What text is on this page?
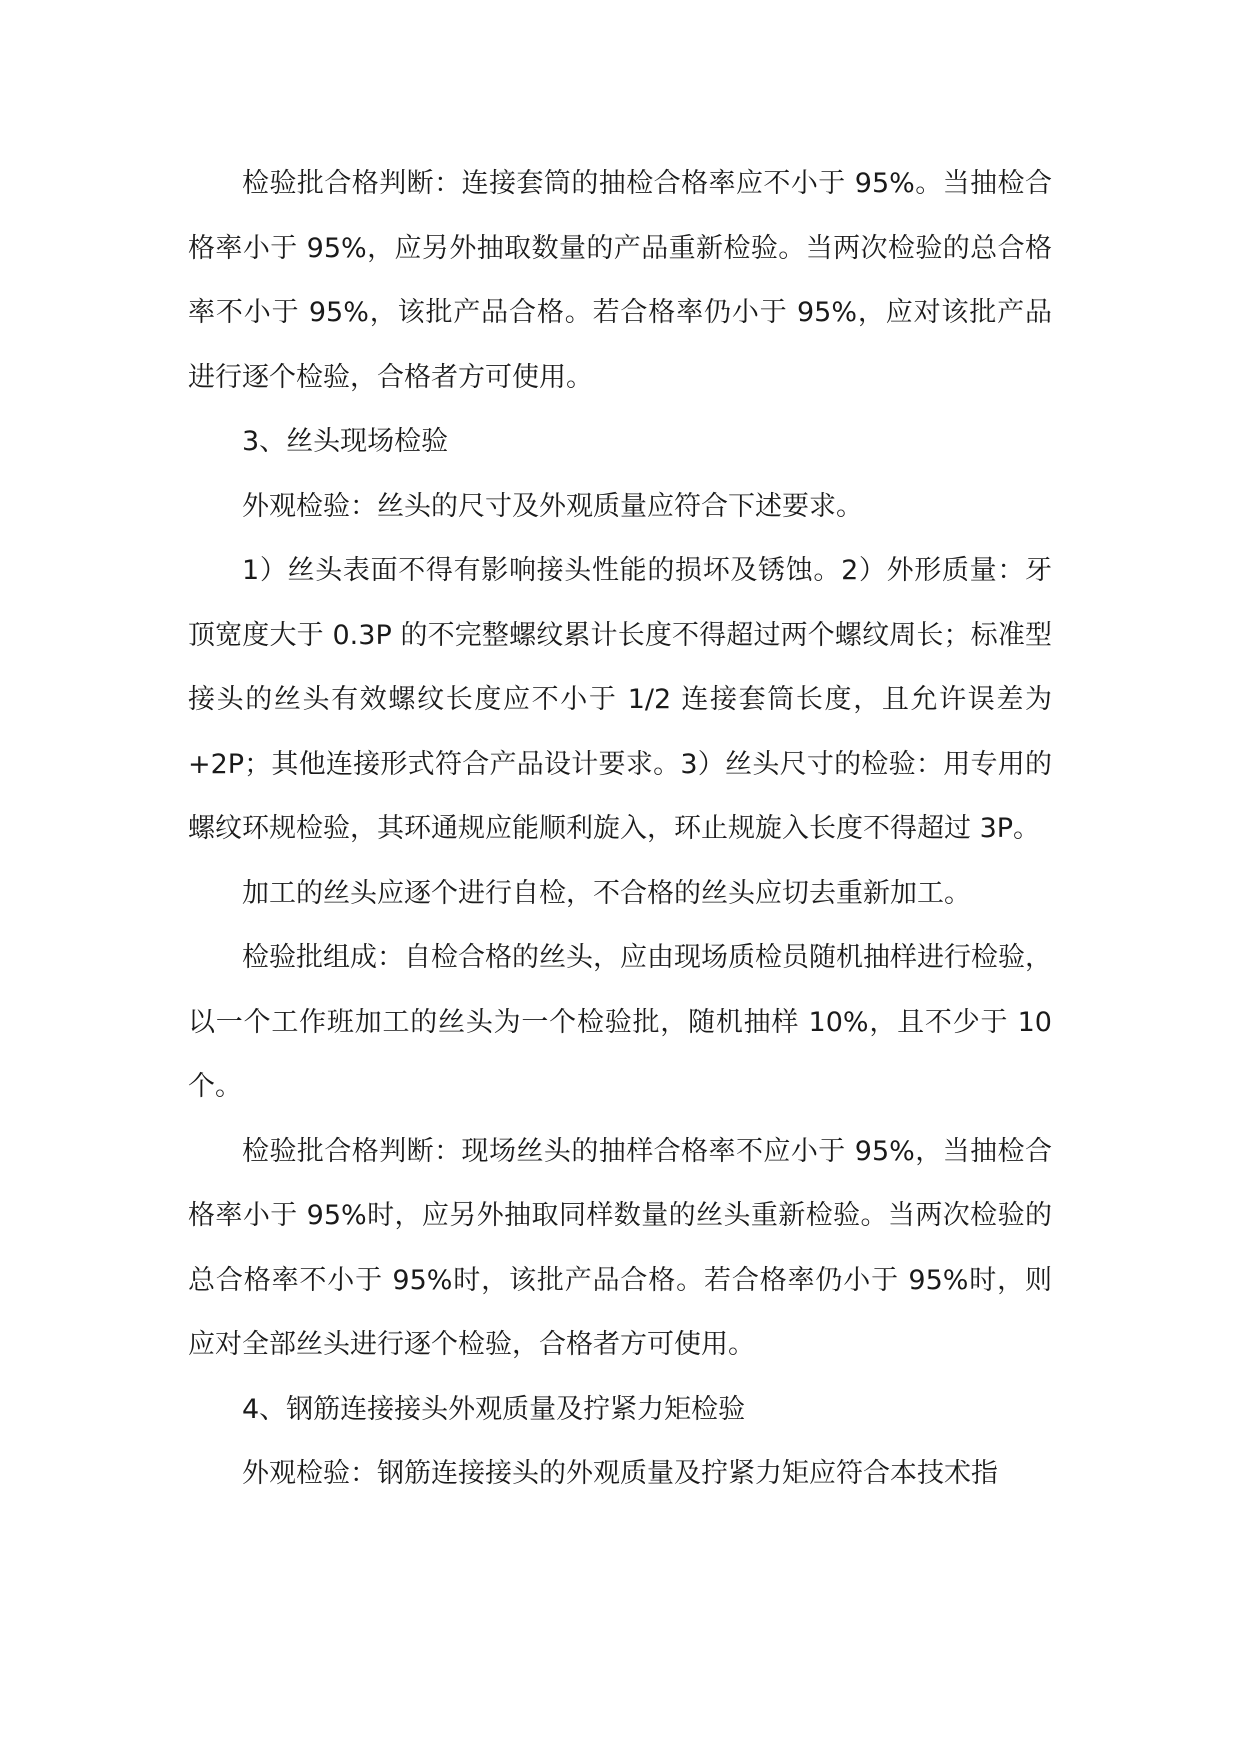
检验批合格判断：连接套筒的抽检合格率应不小于 95%。当抽检合格率小于 95%，应另外抽取数量的产品重新检验。当两次检验的总合格率不小于 95%，该批产品合格。若合格率仍小于 95%，应对该批产品进行逐个检验，合格者方可使用。

3、丝头现场检验

外观检验：丝头的尺寸及外观质量应符合下述要求。

1）丝头表面不得有影响接头性能的损坏及锈蚀。2）外形质量：牙顶宽度大于 0.3P 的不完整螺纹累计长度不得超过两个螺纹周长；标准型接头的丝头有效螺纹长度应不小于 1/2 连接套筒长度，且允许误差为+2P；其他连接形式符合产品设计要求。3）丝头尺寸的检验：用专用的螺纹环规检验，其环通规应能顺利旋入，环止规旋入长度不得超过 3P。

加工的丝头应逐个进行自检，不合格的丝头应切去重新加工。

检验批组成：自检合格的丝头，应由现场质检员随机抽样进行检验，以一个工作班加工的丝头为一个检验批，随机抽样 10%，且不少于 10 个。

检验批合格判断：现场丝头的抽样合格率不应小于 95%，当抽检合格率小于 95%时，应另外抽取同样数量的丝头重新检验。当两次检验的总合格率不小于 95%时，该批产品合格。若合格率仍小于 95%时，则应对全部丝头进行逐个检验，合格者方可使用。

4、钢筋连接接头外观质量及拧紧力矩检验

外观检验：钢筋连接接头的外观质量及拧紧力矩应符合本技术指
